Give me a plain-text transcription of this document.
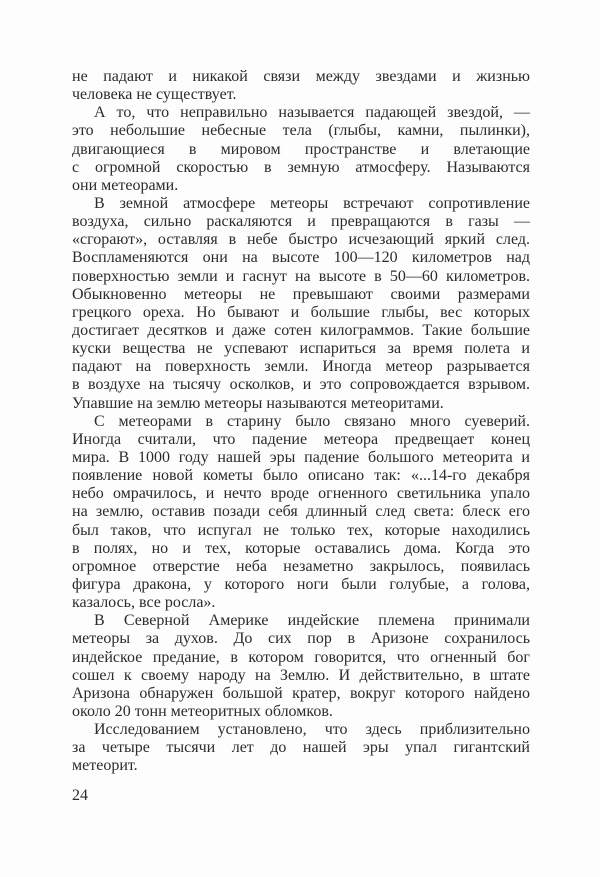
не падают и никакой связи между звездами и жизнью
человека не существует.
А то, что неправильно называется падающей звездой, —
это небольшие небесные тела (глыбы, камни, пылинки),
двигающиеся в мировом пространстве и влетающие
с огромной скоростью в земную атмосферу. Называются
они метеорами.
В земной атмосфере метеоры встречают сопротивление
воздуха, сильно раскаляются и превращаются в газы —
«сгорают», оставляя в небе быстро исчезающий яркий след.
Воспламеняются они на высоте 100—120 километров над
поверхностью земли и гаснут на высоте в 50—60 километров.
Обыкновенно метеоры не превышают своими размерами
грецкого ореха. Но бывают и большие глыбы, вес которых
достигает десятков и даже сотен килограммов. Такие большие
куски вещества не успевают испариться за время полета и
падают на поверхность земли. Иногда метеор разрывается
в воздухе на тысячу осколков, и это сопровождается взрывом.
Упавшие на землю метеоры называются метеоритами.
С метеорами в старину было связано много суеверий.
Иногда считали, что падение метеора предвещает конец
мира. В 1000 году нашей эры падение большого метеорита и
появление новой кометы было описано так: «...14-го декабря
небо омрачилось, и нечто вроде огненного светильника упало
на землю, оставив позади себя длинный след света: блеск его
был таков, что испугал не только тех, которые находились
в полях, но и тех, которые оставались дома. Когда это
огромное отверстие неба незаметно закрылось, появилась
фигура дракона, у которого ноги были голубые, а голова,
казалось, все росла».
В Северной Америке индейские племена принимали
метеоры за духов. До сих пор в Аризоне сохранилось
индейское предание, в котором говорится, что огненный бог
сошел к своему народу на Землю. И действительно, в штате
Аризона обнаружен большой кратер, вокруг которого найдено
около 20 тонн метеоритных обломков.
Исследованием установлено, что здесь приблизительно
за четыре тысячи лет до нашей эры упал гигантский
метеорит.
24
